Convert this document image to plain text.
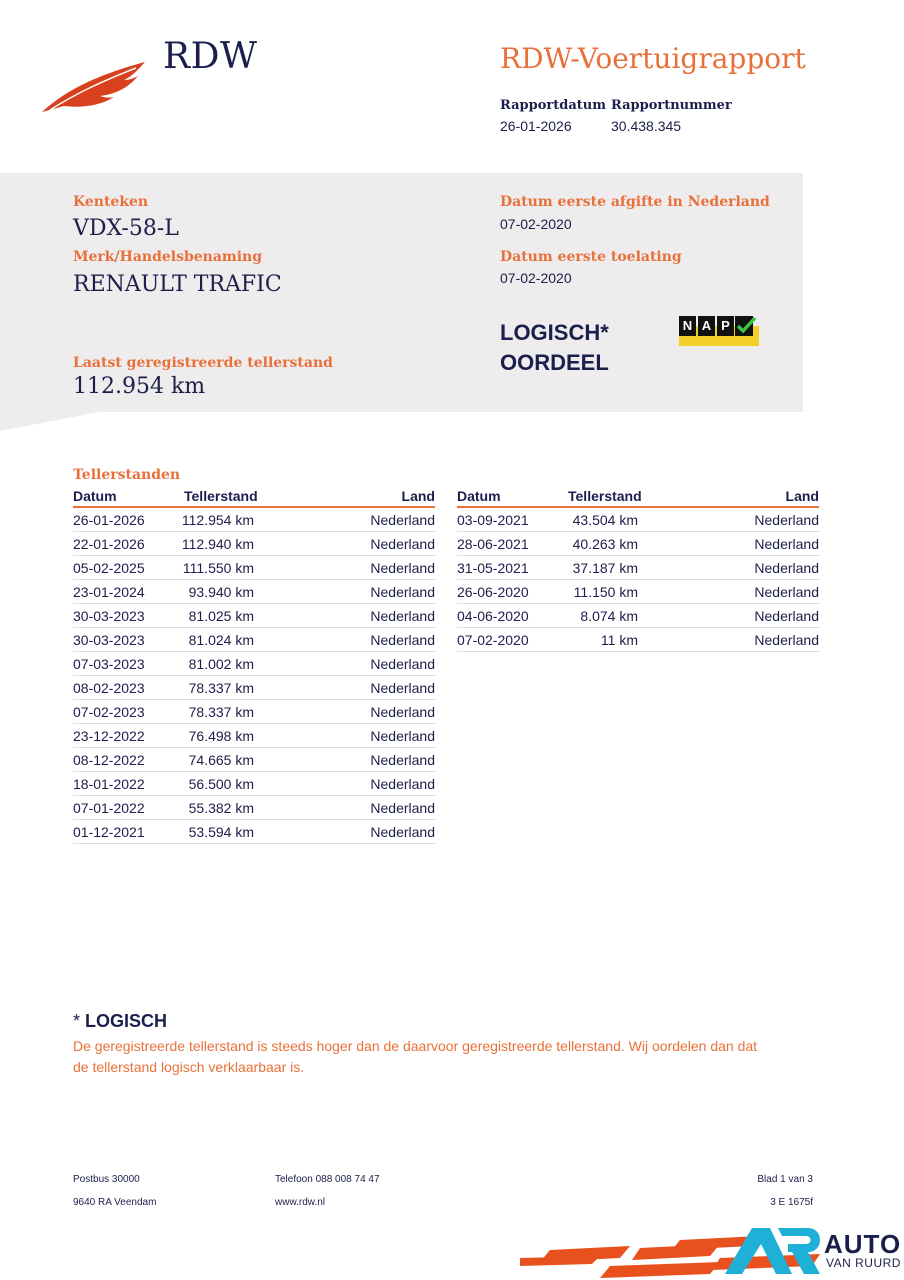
RDW	RDW-Voertuigrapport
Rapportdatum
26-01-2026
Rapportnummer
30.438.345
Kenteken
VDX-58-L
Merk/Handelsbenaming
RENAULT TRAFIC
Laatst geregistreerde tellerstand
112.954 km
Datum eerste afgifte in Nederland
07-02-2020
Datum eerste toelating
07-02-2020
LOGISCH*
OORDEEL
N A P
Tellerstanden
Datum	Tellerstand	Land
26-01-2026	112.954 km	Nederland
22-01-2026	112.940 km	Nederland
05-02-2025	111.550 km	Nederland
23-01-2024	93.940 km	Nederland
30-03-2023	81.025 km	Nederland
30-03-2023	81.024 km	Nederland
07-03-2023	81.002 km	Nederland
08-02-2023	78.337 km	Nederland
07-02-2023	78.337 km	Nederland
23-12-2022	76.498 km	Nederland
08-12-2022	74.665 km	Nederland
18-01-2022	56.500 km	Nederland
07-01-2022	55.382 km	Nederland
01-12-2021	53.594 km	Nederland
Datum	Tellerstand	Land
03-09-2021	43.504 km	Nederland
28-06-2021	40.263 km	Nederland
31-05-2021	37.187 km	Nederland
26-06-2020	11.150 km	Nederland
04-06-2020	8.074 km	Nederland
07-02-2020	11 km	Nederland
* LOGISCH
De geregistreerde tellerstand is steeds hoger dan de daarvoor geregistreerde tellerstand. Wij oordelen dan dat de tellerstand logisch verklaarbaar is.
Postbus 30000
9640 RA Veendam
Telefoon 088 008 74 47
www.rdw.nl
Blad 1 van 3
3 E 1675f
AUTO
VAN RUURD
